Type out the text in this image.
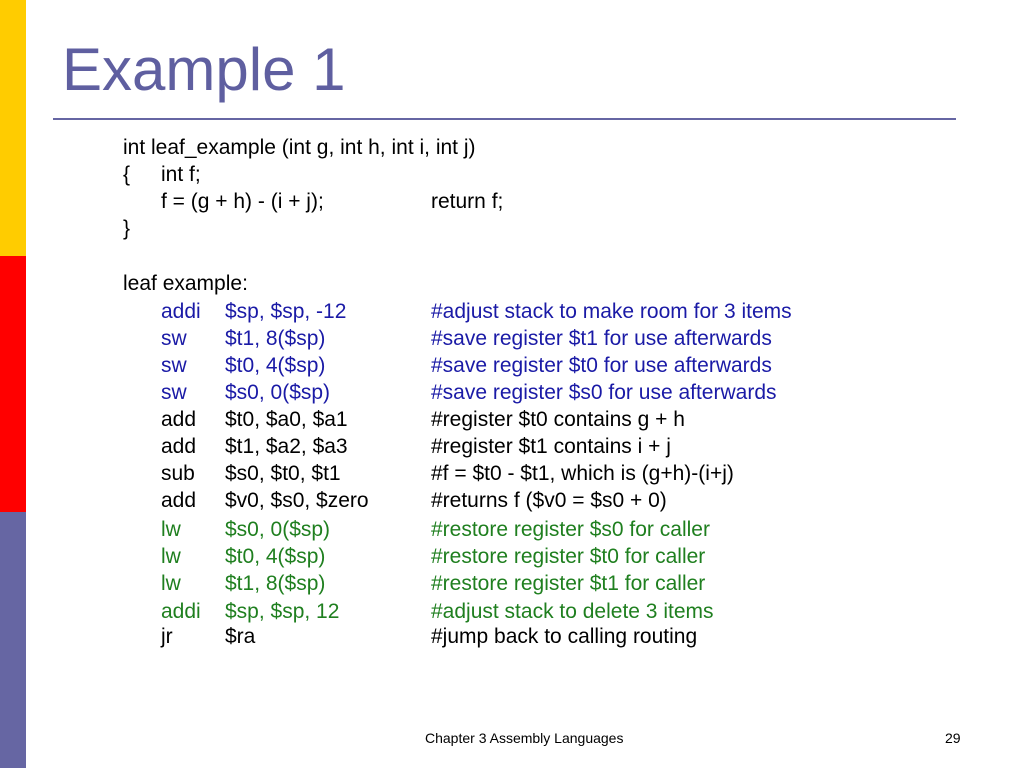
Example 1
int leaf_example (int g, int h, int i, int j)
{ int f;
f = (g + h) - (i + j);	return f;
}
leaf example:
addi $sp, $sp, -12	#adjust stack to make room for 3 items
sw $t1, 8($sp)	#save register $t1 for use afterwards
sw $t0, 4($sp)	#save register $t0 for use afterwards
sw $s0, 0($sp)	#save register $s0 for use afterwards
add $t0, $a0, $a1	#register $t0 contains g + h
add $t1, $a2, $a3	#register $t1 contains i + j
sub $s0, $t0, $t1	#f = $t0 - $t1, which is (g+h)-(i+j)
add $v0, $s0, $zero	#returns f ($v0 = $s0 + 0)
lw $s0, 0($sp)	#restore register $s0 for caller
lw $t0, 4($sp)	#restore register $t0 for caller
lw $t1, 8($sp)	#restore register $t1 for caller
addi $sp, $sp, 12	#adjust stack to delete 3 items
jr $ra	#jump back to calling routing
Chapter 3 Assembly Languages	29
